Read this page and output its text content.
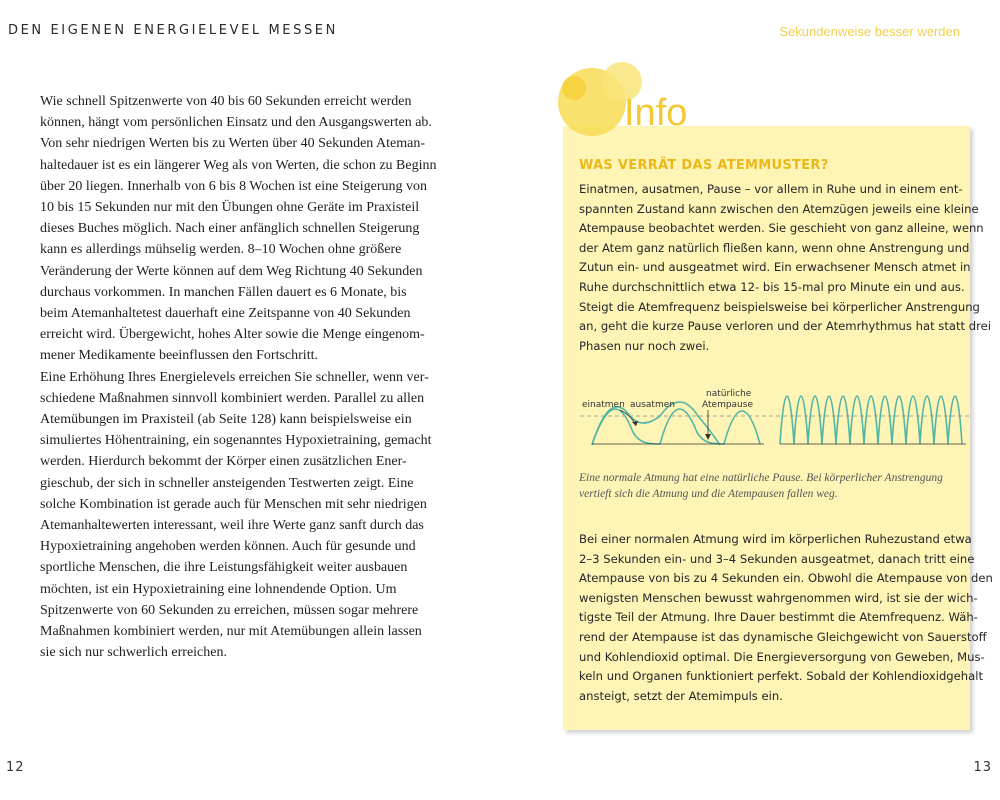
DEN EIGENEN ENERGIELEVEL MESSEN

Wie schnell Spitzenwerte von 40 bis 60 Sekunden erreicht werden
können, hängt vom persönlichen Einsatz und den Ausgangswerten ab.
Von sehr niedrigen Werten bis zu Werten über 40 Sekunden Ateman-
haltedauer ist es ein längerer Weg als von Werten, die schon zu Beginn
über 20 liegen. Innerhalb von 6 bis 8 Wochen ist eine Steigerung von
10 bis 15 Sekunden nur mit den Übungen ohne Geräte im Praxisteil
dieses Buches möglich. Nach einer anfänglich schnellen Steigerung
kann es allerdings mühselig werden. 8–10 Wochen ohne größere
Veränderung der Werte können auf dem Weg Richtung 40 Sekunden
durchaus vorkommen. In manchen Fällen dauert es 6 Monate, bis
beim Atemanhaltetest dauerhaft eine Zeitspanne von 40 Sekunden
erreicht wird. Übergewicht, hohes Alter sowie die Menge eingenom-
mener Medikamente beeinflussen den Fortschritt.
Eine Erhöhung Ihres Energielevels erreichen Sie schneller, wenn ver-
schiedene Maßnahmen sinnvoll kombiniert werden. Parallel zu allen
Atemübungen im Praxisteil (ab Seite 128) kann beispielsweise ein
simuliertes Höhentraining, ein sogenanntes Hypoxietraining, gemacht
werden. Hierdurch bekommt der Körper einen zusätzlichen Ener-
gieschub, der sich in schneller ansteigenden Testwerten zeigt. Eine
solche Kombination ist gerade auch für Menschen mit sehr niedrigen
Atemanhaltewerten interessant, weil ihre Werte ganz sanft durch das
Hypoxietraining angehoben werden können. Auch für gesunde und
sportliche Menschen, die ihre Leistungsfähigkeit weiter ausbauen
möchten, ist ein Hypoxietraining eine lohnendende Option. Um
Spitzenwerte von 60 Sekunden zu erreichen, müssen sogar mehrere
Maßnahmen kombiniert werden, nur mit Atemübungen allein lassen
sie sich nur schwerlich erreichen.

12
Sekundenweise besser werden
13
Info
WAS VERRÄT DAS ATEMMUSTER?
Einatmen, ausatmen, Pause – vor allem in Ruhe und in einem ent-
spannten Zustand kann zwischen den Atemzügen jeweils eine kleine
Atempause beobachtet werden. Sie geschieht von ganz alleine, wenn
der Atem ganz natürlich fließen kann, wenn ohne Anstrengung und
Zutun ein- und ausgeatmet wird. Ein erwachsener Mensch atmet in
Ruhe durchschnittlich etwa 12- bis 15-mal pro Minute ein und aus.
Steigt die Atemfrequenz beispielsweise bei körperlicher Anstrengung
an, geht die kurze Pause verloren und der Atemrhythmus hat statt drei
Phasen nur noch zwei.
einatmen ausatmen
natürliche
Atempause
Eine normale Atmung hat eine natürliche Pause. Bei körperlicher Anstrengung
vertieft sich die Atmung und die Atempausen fallen weg.
Bei einer normalen Atmung wird im körperlichen Ruhezustand etwa
2–3 Sekunden ein- und 3–4 Sekunden ausgeatmet, danach tritt eine
Atempause von bis zu 4 Sekunden ein. Obwohl die Atempause von den
wenigsten Menschen bewusst wahrgenommen wird, ist sie der wich-
tigste Teil der Atmung. Ihre Dauer bestimmt die Atemfrequenz. Wäh-
rend der Atempause ist das dynamische Gleichgewicht von Sauerstoff
und Kohlendioxid optimal. Die Energieversorgung von Geweben, Mus-
keln und Organen funktioniert perfekt. Sobald der Kohlendioxidgehalt
ansteigt, setzt der Atemimpuls ein.
